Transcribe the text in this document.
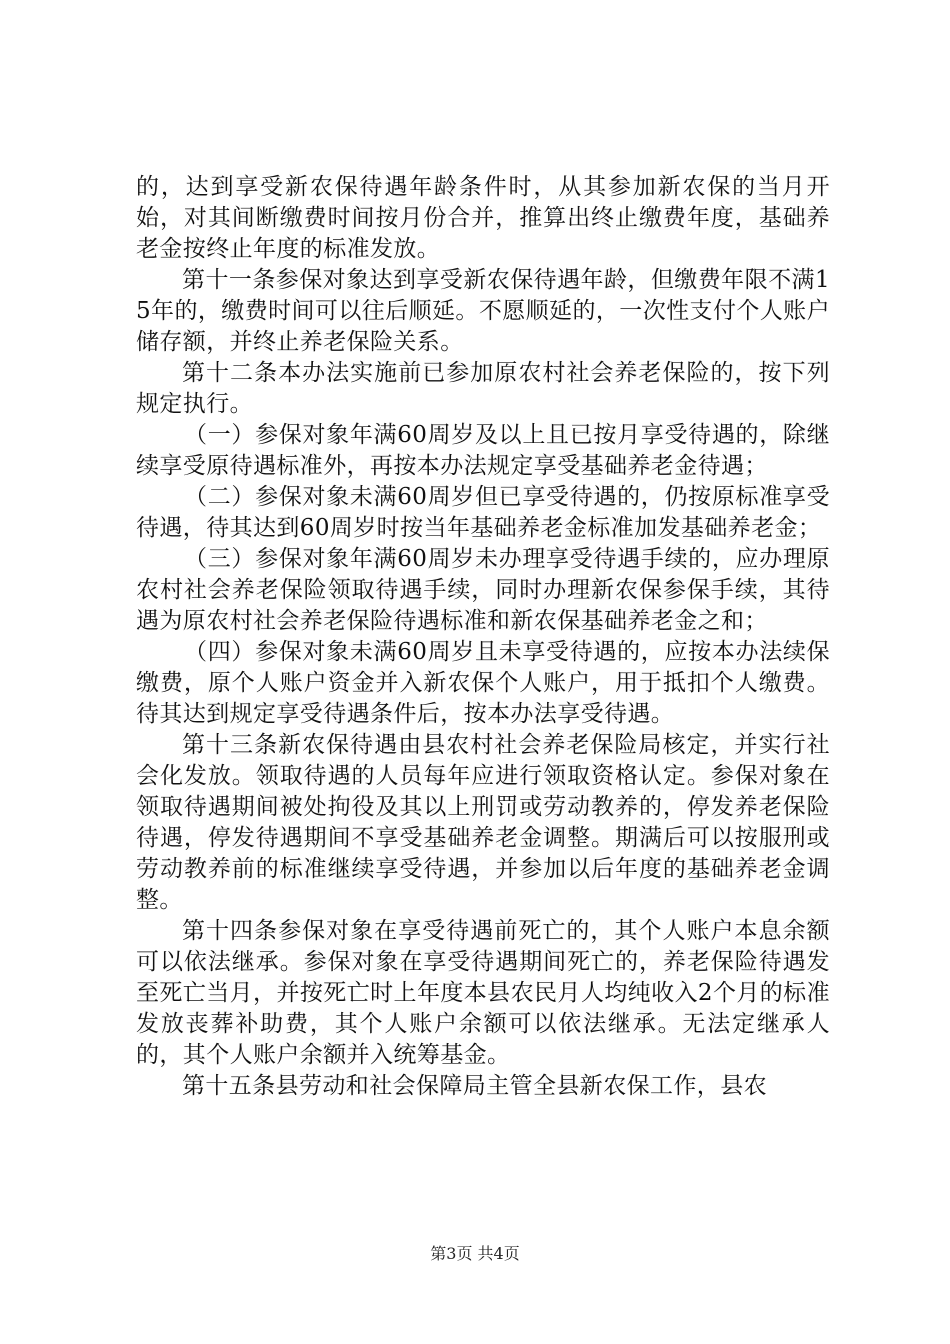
的，达到享受新农保待遇年龄条件时，从其参加新农保的当月开始，对其间断缴费时间按月份合并，推算出终止缴费年度，基础养老金按终止年度的标准发放。

第十一条参保对象达到享受新农保待遇年龄，但缴费年限不满15年的，缴费时间可以往后顺延。不愿顺延的，一次性支付个人账户储存额，并终止养老保险关系。

第十二条本办法实施前已参加原农村社会养老保险的，按下列规定执行。

（一）参保对象年满60周岁及以上且已按月享受待遇的，除继续享受原待遇标准外，再按本办法规定享受基础养老金待遇；

（二）参保对象未满60周岁但已享受待遇的，仍按原标准享受待遇，待其达到60周岁时按当年基础养老金标准加发基础养老金；

（三）参保对象年满60周岁未办理享受待遇手续的，应办理原农村社会养老保险领取待遇手续，同时办理新农保参保手续，其待遇为原农村社会养老保险待遇标准和新农保基础养老金之和；

（四）参保对象未满60周岁且未享受待遇的，应按本办法续保缴费，原个人账户资金并入新农保个人账户，用于抵扣个人缴费。待其达到规定享受待遇条件后，按本办法享受待遇。

第十三条新农保待遇由县农村社会养老保险局核定，并实行社会化发放。领取待遇的人员每年应进行领取资格认定。参保对象在领取待遇期间被处拘役及其以上刑罚或劳动教养的，停发养老保险待遇，停发待遇期间不享受基础养老金调整。期满后可以按服刑或劳动教养前的标准继续享受待遇，并参加以后年度的基础养老金调整。

第十四条参保对象在享受待遇前死亡的，其个人账户本息余额可以依法继承。参保对象在享受待遇期间死亡的，养老保险待遇发至死亡当月，并按死亡时上年度本县农民月人均纯收入2个月的标准发放丧葬补助费，其个人账户余额可以依法继承。无法定继承人的，其个人账户余额并入统筹基金。

第十五条县劳动和社会保障局主管全县新农保工作，县农

第3页 共4页
